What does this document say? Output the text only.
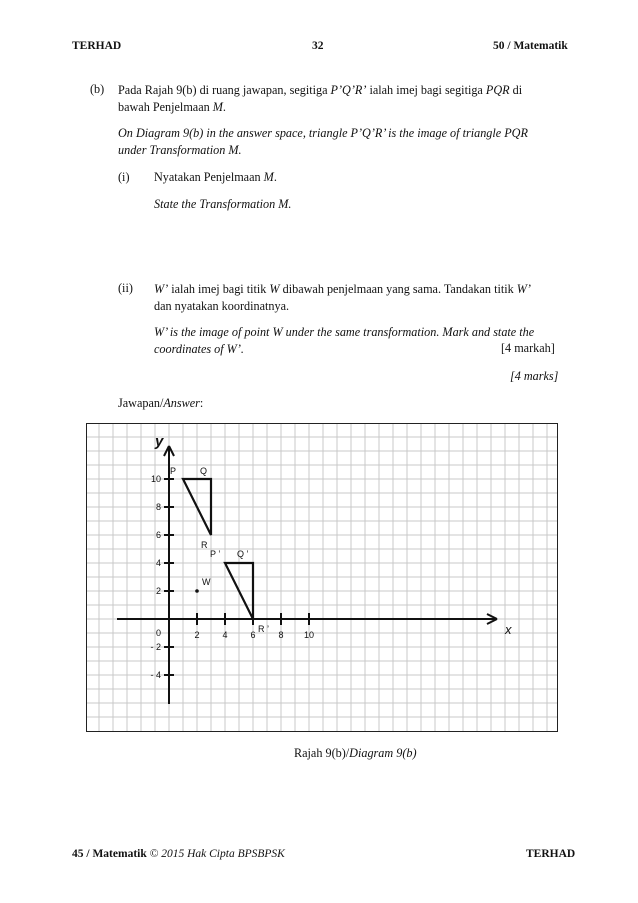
TERHAD	32	50 / Matematik
(b) Pada Rajah 9(b) di ruang jawapan, segitiga P’Q’R’ ialah imej bagi segitiga PQR di

bawah Penjelmaan M.

On Diagram 9(b) in the answer space, triangle P’Q’R’ is the image of triangle PQR

under Transformation M.

(i) Nyatakan Penjelmaan M.
State the Transformation M.
(ii) W’ ialah imej bagi titik W dibawah penjelmaan yang sama. Tandakan titik W’

dan nyatakan koordinatnya.

W’ is the image of point W under the same transformation. Mark and state the

coordinates of W’.	[4 markah]
[4 marks]
Jawapan/Answer:
2	4	6	8 10
10
8
6
4
2
- 2
- 4
0	x
y
P	Q
R
P ’ Q ’
R ’
W
Rajah 9(b)/Diagram 9(b)
45 / Matematik © 2015 Hak Cipta BPSBPSK	TERHAD
